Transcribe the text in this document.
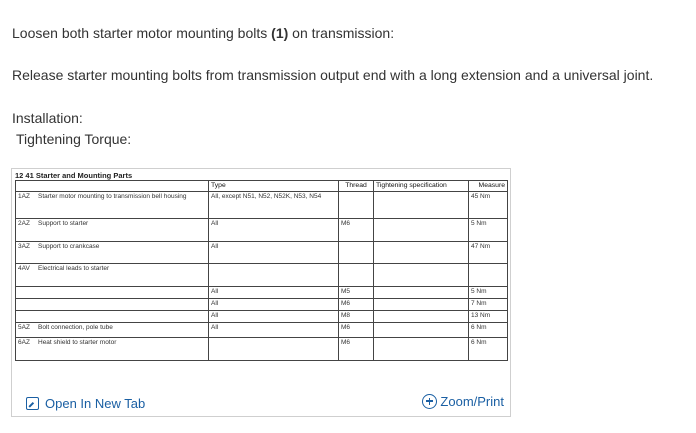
Loosen both starter motor mounting bolts (1) on transmission:
Release starter mounting bolts from transmission output end with a long extension and a universal joint.
Installation:
Tightening Torque:
12 41 Starter and Mounting Parts
	Type	Thread	Tightening specification	Measure
1AZ Starter motor mounting to transmission bell housing	All, except N51, N52, N52K, N53, N54			45 Nm
2AZ Support to starter	All	M6		5 Nm
3AZ Support to crankcase	All			47 Nm
4AV Electrical leads to starter				
	All	M5		5 Nm
	All	M6		7 Nm
	All	M8		13 Nm
5AZ Bolt connection, pole tube	All	M6		6 Nm
6AZ Heat shield to starter motor		M6		6 Nm
Open In New Tab	Zoom/Print
